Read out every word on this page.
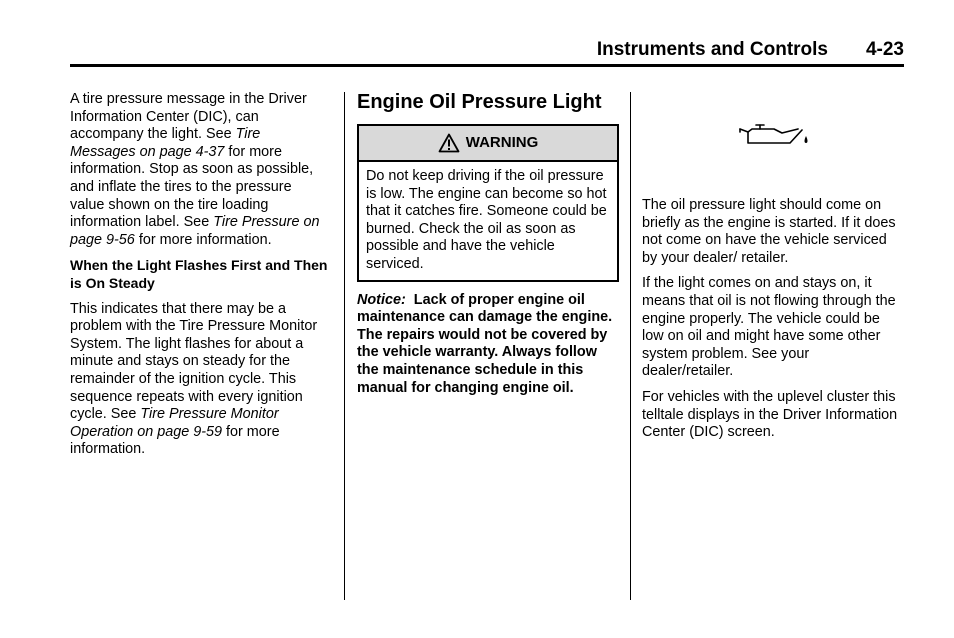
Instruments and Controls 4-23

A tire pressure message in the Driver Information Center (DIC), can accompany the light. See Tire Messages on page 4‑37 for more information. Stop as soon as possible, and inflate the tires to the pressure value shown on the tire loading information label. See Tire Pressure on page 9‑56 for more information.

When the Light Flashes First and Then is On Steady

This indicates that there may be a problem with the Tire Pressure Monitor System. The light flashes for about a minute and stays on steady for the remainder of the ignition cycle. This sequence repeats with every ignition cycle. See Tire Pressure Monitor Operation on page 9‑59 for more information.

Engine Oil Pressure Light
WARNING
Do not keep driving if the oil pressure is low. The engine can become so hot that it catches fire. Someone could be burned. Check the oil as soon as possible and have the vehicle serviced.
Notice: Lack of proper engine oil maintenance can damage the engine. The repairs would not be covered by the vehicle warranty. Always follow the maintenance schedule in this manual for changing engine oil.

The oil pressure light should come on briefly as the engine is started. If it does not come on have the vehicle serviced by your dealer/ retailer.

If the light comes on and stays on, it means that oil is not flowing through the engine properly. The vehicle could be low on oil and might have some other system problem. See your dealer/retailer.

For vehicles with the uplevel cluster this telltale displays in the Driver Information Center (DIC) screen.
